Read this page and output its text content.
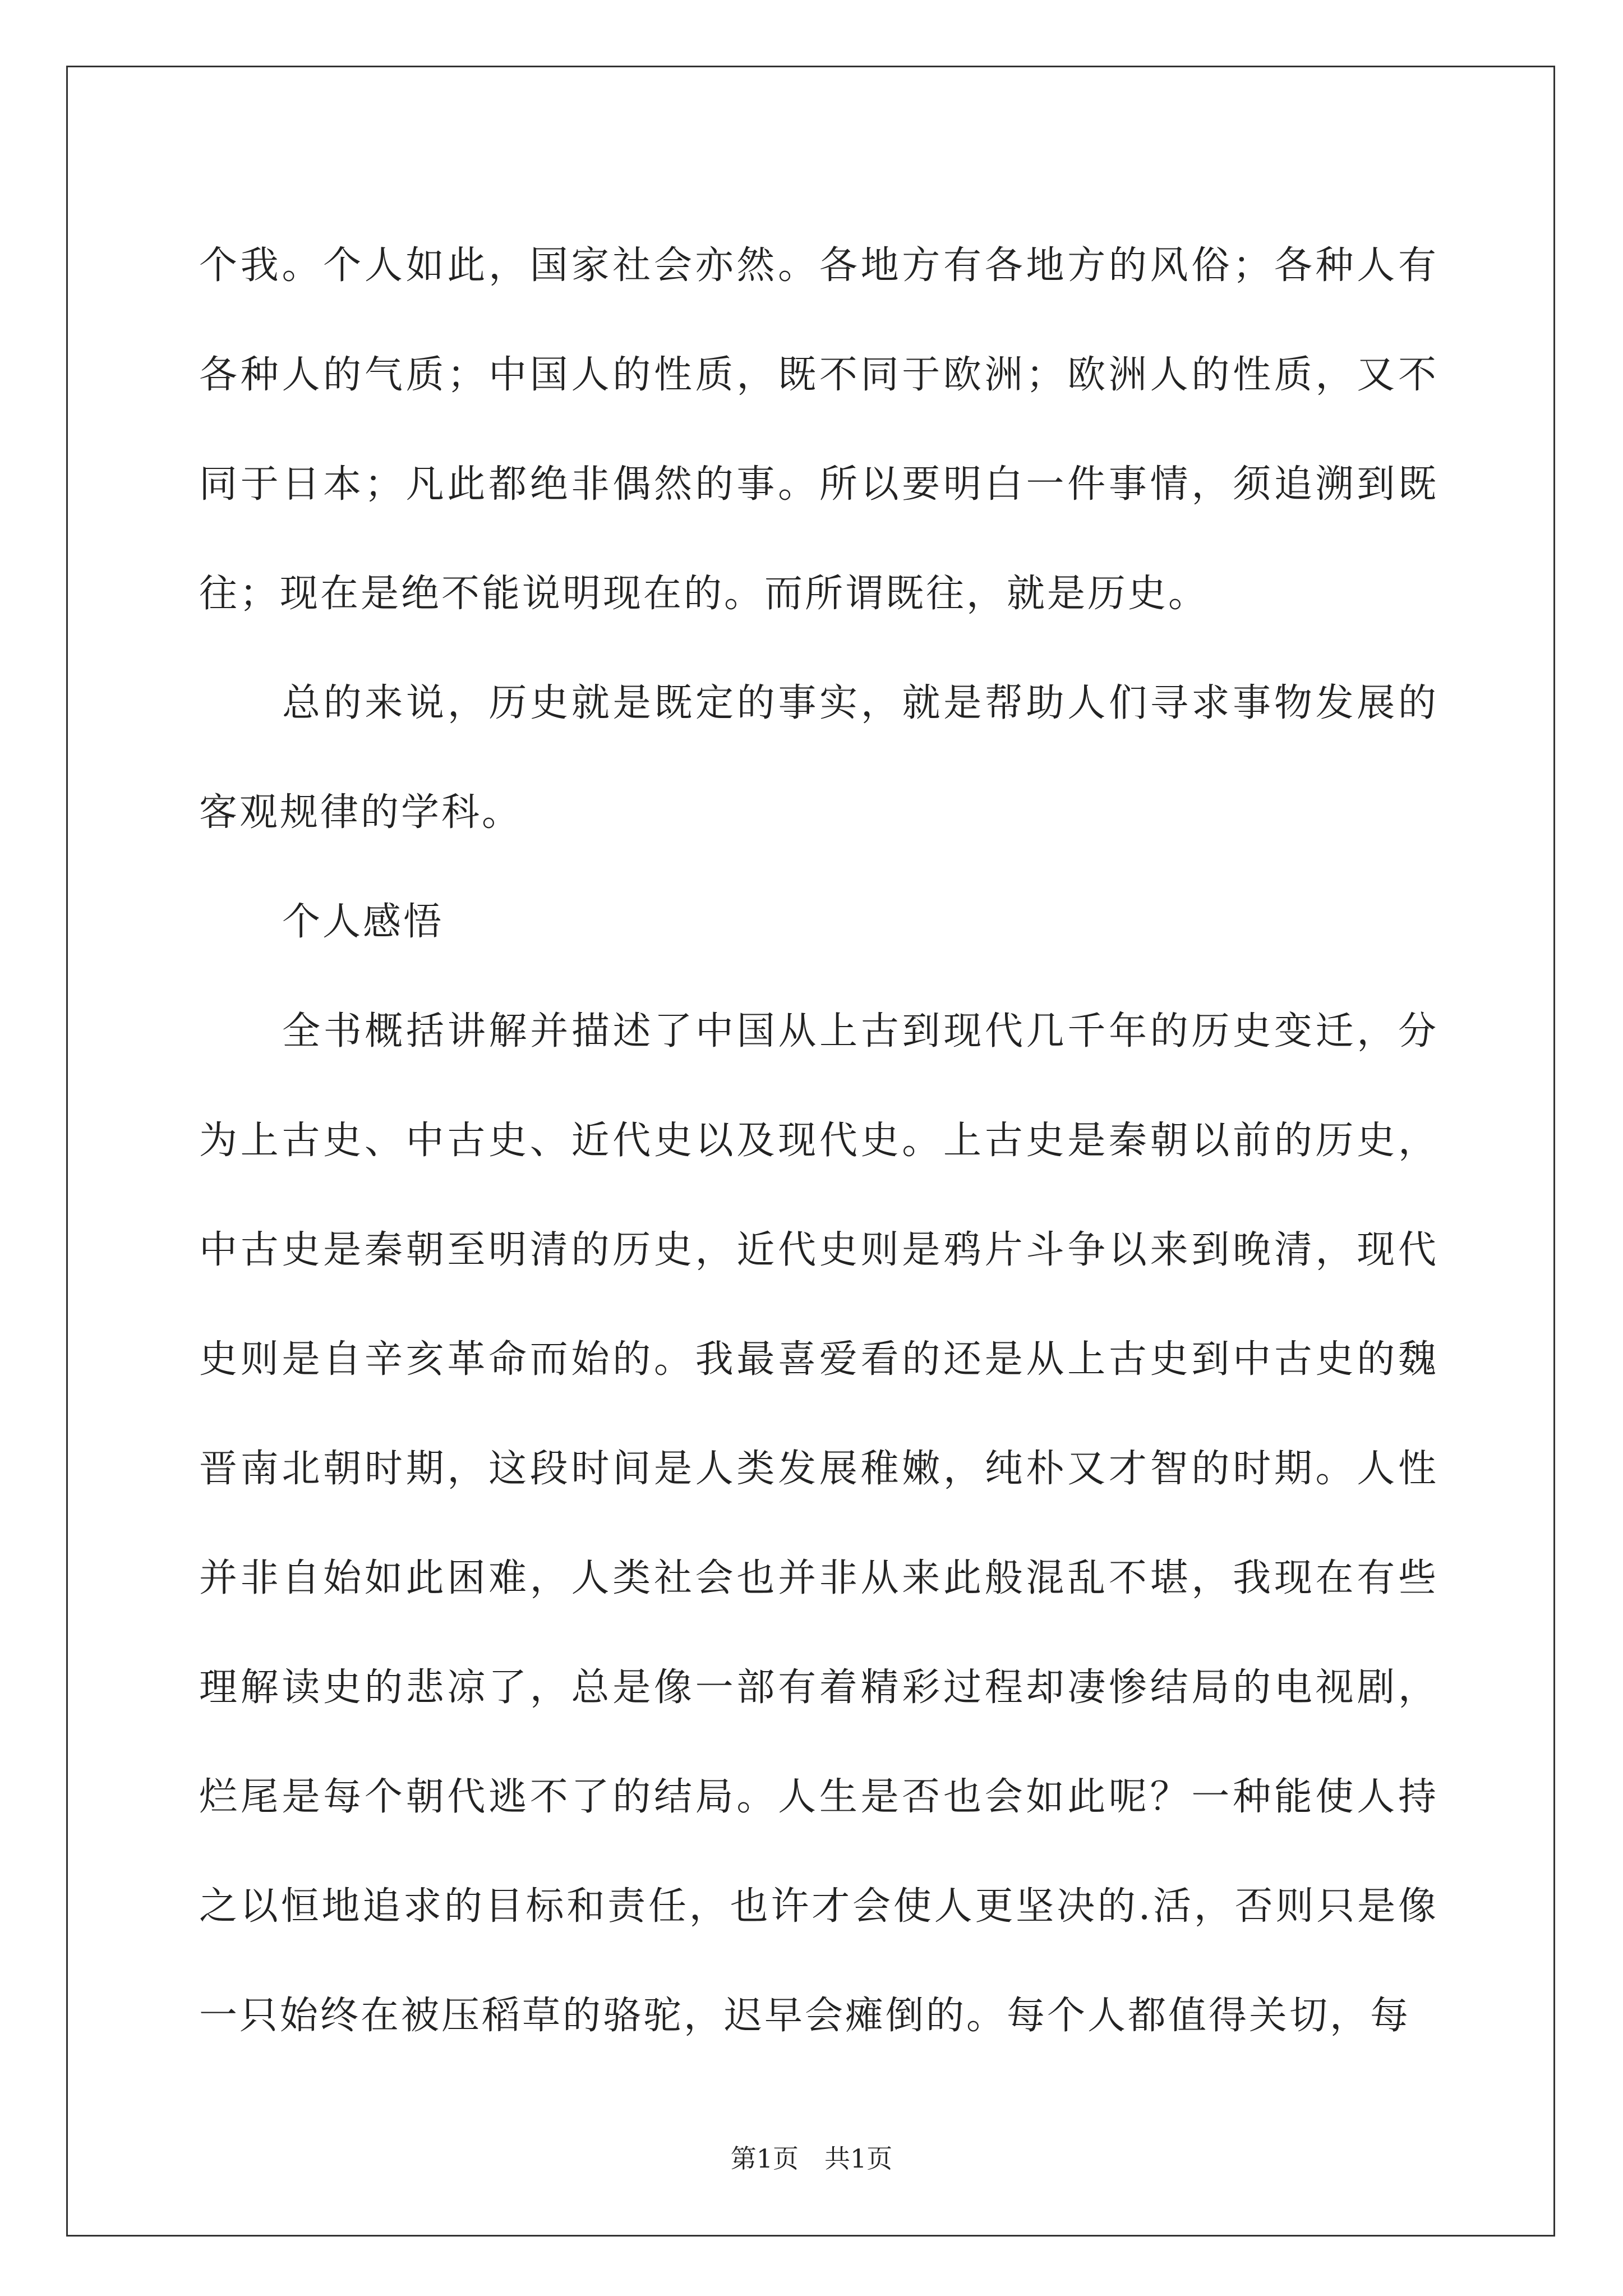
个我。个人如此，国家社会亦然。各地方有各地方的风俗；各种人有各种人的气质；中国人的性质，既不同于欧洲；欧洲人的性质，又不同于日本；凡此都绝非偶然的事。所以要明白一件事情，须追溯到既往；现在是绝不能说明现在的。而所谓既往，就是历史。

总的来说，历史就是既定的事实，就是帮助人们寻求事物发展的客观规律的学科。

个人感悟

全书概括讲解并描述了中国从上古到现代几千年的历史变迁，分为上古史、中古史、近代史以及现代史。上古史是秦朝以前的历史，中古史是秦朝至明清的历史，近代史则是鸦片斗争以来到晚清，现代史则是自辛亥革命而始的。我最喜爱看的还是从上古史到中古史的魏晋南北朝时期，这段时间是人类发展稚嫩，纯朴又才智的时期。人性并非自始如此困难，人类社会也并非从来此般混乱不堪，我现在有些理解读史的悲凉了，总是像一部有着精彩过程却凄惨结局的电视剧，烂尾是每个朝代逃不了的结局。人生是否也会如此呢？一种能使人持之以恒地追求的目标和责任，也许才会使人更坚决的.活，否则只是像一只始终在被压稻草的骆驼，迟早会瘫倒的。每个人都值得关切，每

第1页　共1页
